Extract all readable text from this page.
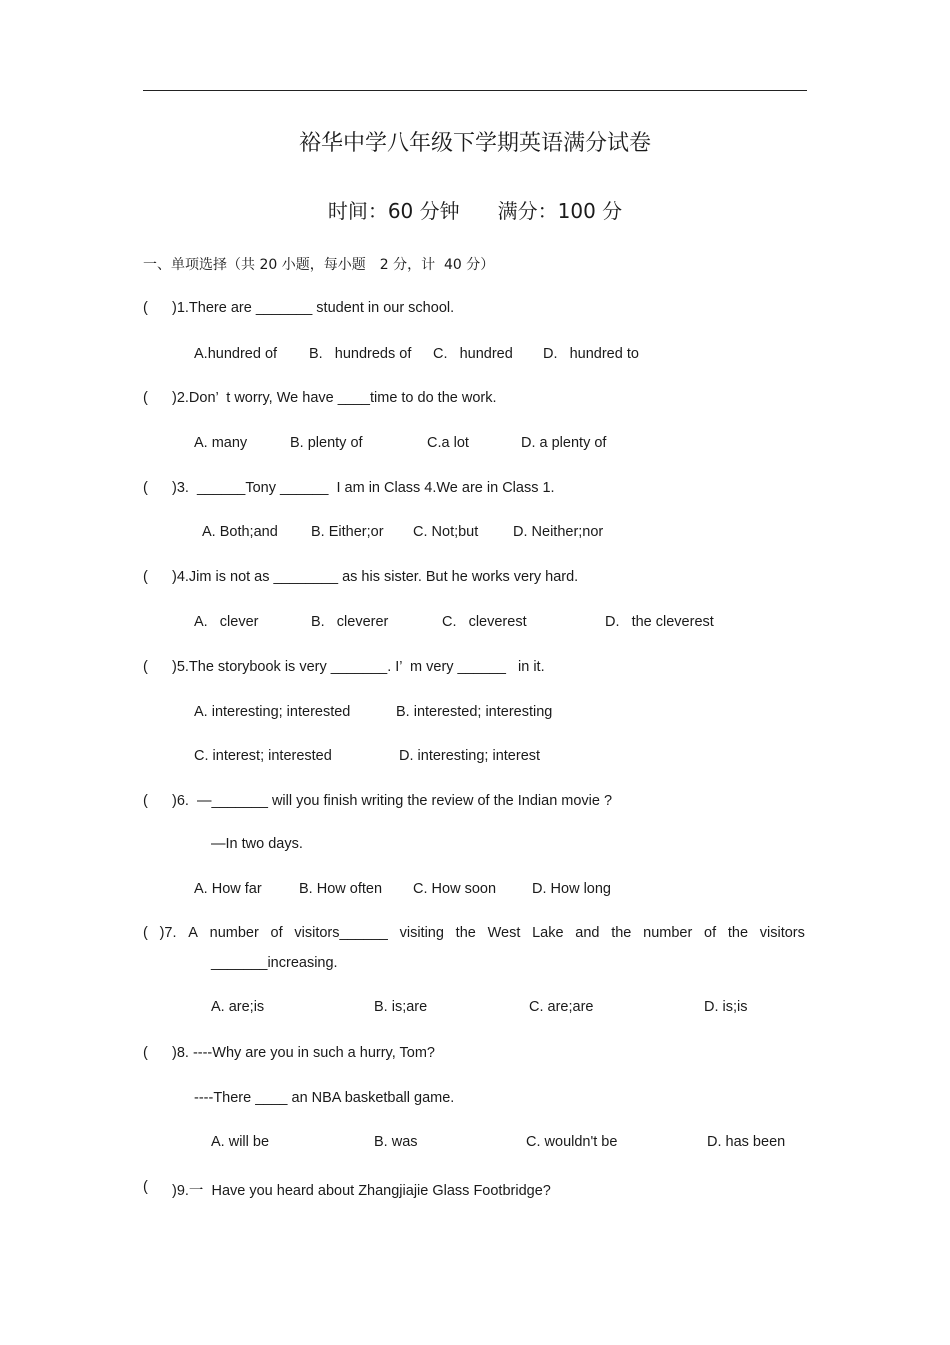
裕华中学八年级下学期英语满分试卷
时间：60 分钟 满分：100 分
一、单项选择（共 20 小题，每小题　2 分，计  40 分）
( )1.There are _______ student in our school.
A.hundred of B.   hundreds of C.   hundred D.   hundred to
( )2.Don’  t worry, We have ____time to do the work.
A. many	B. plenty of	C.a lot	D. a plenty of
( )3.  ______Tony ______  I am in Class 4.We are in Class 1.
A. Both;and B. Either;or C. Not;but D. Neither;nor
( )4.Jim is not as ________ as his sister. But he works very hard.
A.   clever	B.   cleverer	C.   cleverest	D.   the cleverest
( )5.The storybook is very _______. I’  m very ______   in it.
A. interesting; interested	B. interested; interesting
C. interest; interested	D. interesting; interest
( )6.  —_______ will you finish writing the review of the Indian movie ?
—In two days.
A. How far	B. How often C. How soon D. How long
( )7. A number of visitors______ visiting the West Lake and the number of the visitors
_______increasing.
A. are;is	B. is;are	C. are;are	D. is;is
( )8. ----Why are you in such a hurry, Tom?
----There ____ an NBA basketball game.
A. will be	B. was	C. wouldn't be	D. has been
( )9.一  Have you heard about Zhangjiajie Glass Footbridge?
